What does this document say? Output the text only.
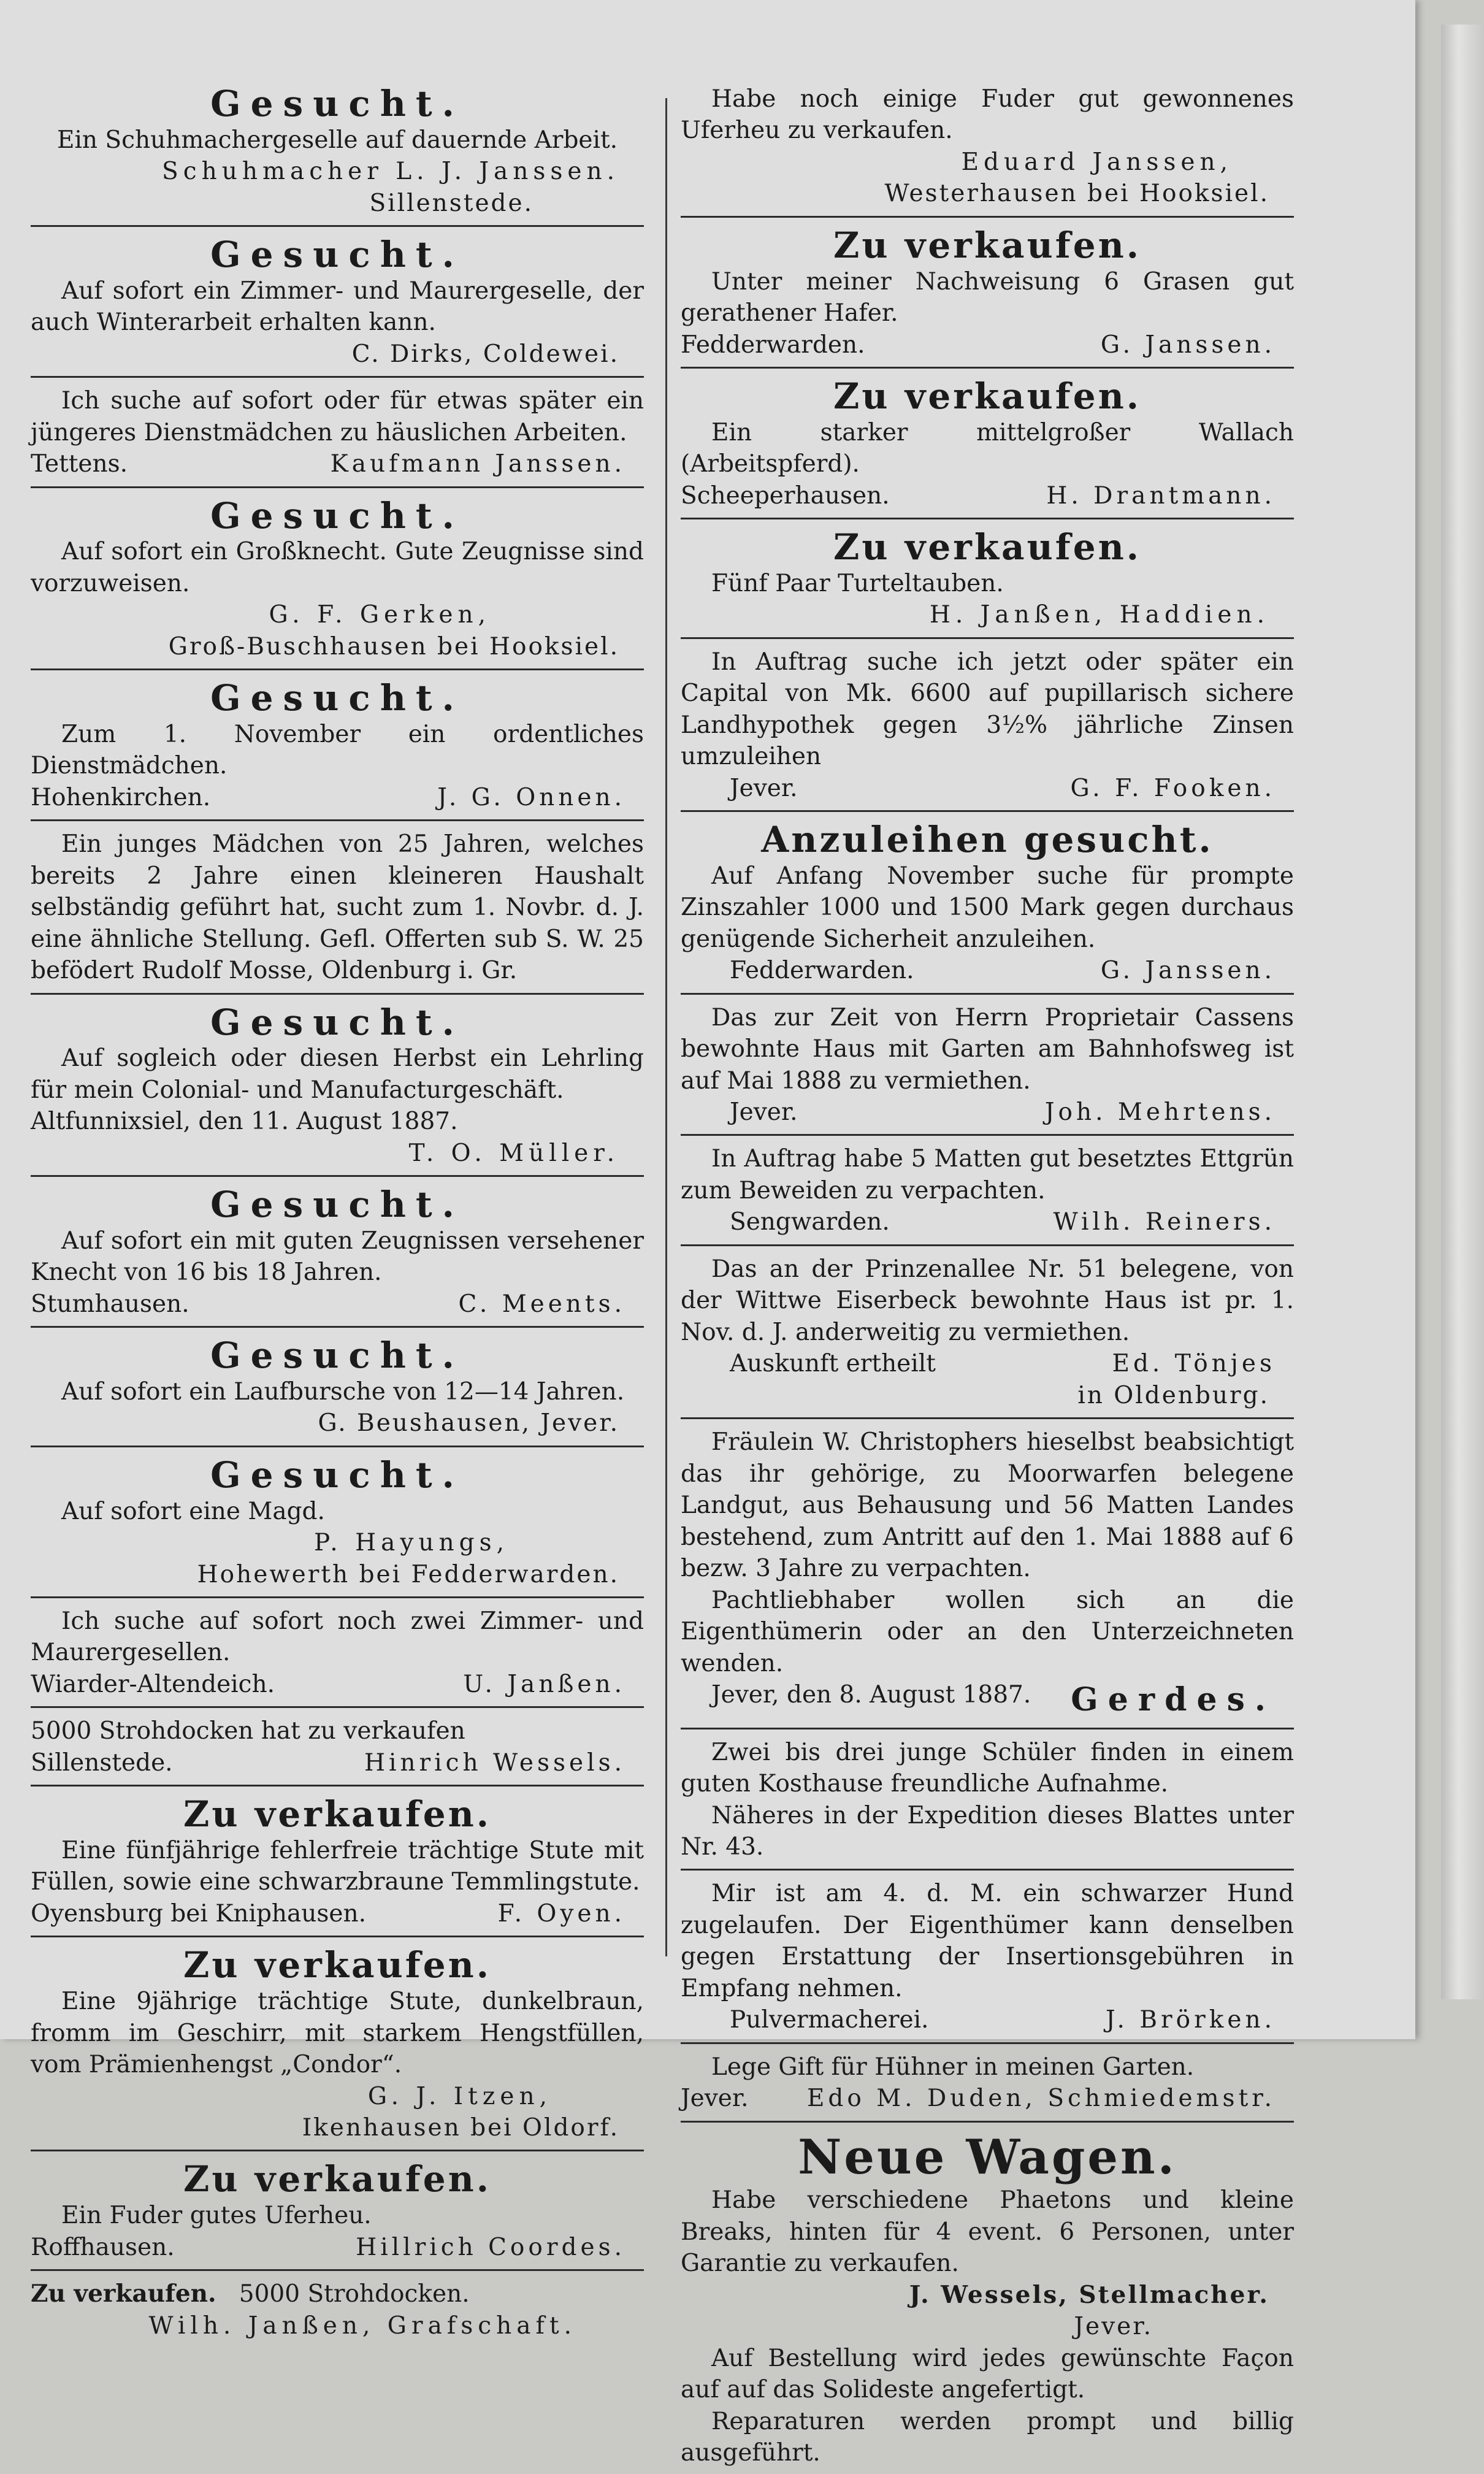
Gesucht.

Ein Schuhmachergeselle auf dauernde Arbeit.

Schuhmacher L. J. Janssen.

Sillenstede.

Gesucht.

Auf sofort ein Zimmer- und Maurergeselle, der auch Winterarbeit erhalten kann.

C. Dirks, Coldewei.

Ich suche auf sofort oder für etwas später ein jüngeres Dienstmädchen zu häuslichen Arbeiten.

Tettens.	Kaufmann Janssen.

Gesucht.

Auf sofort ein Großknecht. Gute Zeugnisse sind vorzuweisen.

G. F. Gerken,

Groß-Buschhausen bei Hooksiel.

Gesucht.

Zum 1. November ein ordentliches Dienstmädchen.

Hohenkirchen.	J. G. Onnen.

Ein junges Mädchen von 25 Jahren, welches bereits 2 Jahre einen kleineren Haushalt selbständig geführt hat, sucht zum 1. Novbr. d. J. eine ähnliche Stellung. Gefl. Offerten sub S. W. 25 befödert Rudolf Mosse, Oldenburg i. Gr.

Gesucht.

Auf sogleich oder diesen Herbst ein Lehrling für mein Colonial- und Manufacturgeschäft.

Altfunnixsiel, den 11. August 1887.

T. O. Müller.

Gesucht.

Auf sofort ein mit guten Zeugnissen versehener Knecht von 16 bis 18 Jahren.

Stumhausen.	C. Meents.

Gesucht.

Auf sofort ein Laufbursche von 12—14 Jahren.

G. Beushausen, Jever.

Gesucht.

Auf sofort eine Magd.

P. Hayungs,

Hohewerth bei Fedderwarden.

Ich suche auf sofort noch zwei Zimmer- und Maurergesellen.

Wiarder-Altendeich.	U. Janßen.

5000 Strohdocken hat zu verkaufen

Sillenstede.	Hinrich Wessels.

Zu verkaufen.

Eine fünfjährige fehlerfreie trächtige Stute mit Füllen, sowie eine schwarzbraune Temmlingstute.

Oyensburg bei Kniphausen.	F. Oyen.

Zu verkaufen.

Eine 9jährige trächtige Stute, dunkelbraun, fromm im Geschirr, mit starkem Hengstfüllen, vom Prämienhengst „Condor“.

G. J. Itzen,

Ikenhausen bei Oldorf.

Zu verkaufen.

Ein Fuder gutes Uferheu.

Roffhausen.	Hillrich Coordes.

Zu verkaufen. 5000 Strohdocken.

Wilh. Janßen, Grafschaft.

Habe noch einige Fuder gut gewonnenes Uferheu zu verkaufen.

Eduard Janssen,

Westerhausen bei Hooksiel.

Zu verkaufen.

Unter meiner Nachweisung 6 Grasen gut gerathener Hafer.

Fedderwarden.	G. Janssen.

Zu verkaufen.

Ein starker mittelgroßer Wallach (Arbeitspferd).

Scheeperhausen.	H. Drantmann.

Zu verkaufen.

Fünf Paar Turteltauben.

H. Janßen, Haddien.

In Auftrag suche ich jetzt oder später ein Capital von Mk. 6600 auf pupillarisch sichere Landhypothek gegen 3½% jährliche Zinsen umzuleihen

Jever.	G. F. Fooken.

Anzuleihen gesucht.

Auf Anfang November suche für prompte Zinszahler 1000 und 1500 Mark gegen durchaus genügende Sicherheit anzuleihen.

Fedderwarden.	G. Janssen.

Das zur Zeit von Herrn Proprietair Cassens bewohnte Haus mit Garten am Bahnhofsweg ist auf Mai 1888 zu vermiethen.

Jever.	Joh. Mehrtens.

In Auftrag habe 5 Matten gut besetztes Ettgrün zum Beweiden zu verpachten.

Sengwarden.	Wilh. Reiners.

Das an der Prinzenallee Nr. 51 belegene, von der Wittwe Eiserbeck bewohnte Haus ist pr. 1. Nov. d. J. anderweitig zu vermiethen.

Auskunft ertheilt	Ed. Tönjes

in Oldenburg.

Fräulein W. Christophers hieselbst beabsichtigt das ihr gehörige, zu Moorwarfen belegene Landgut, aus Behausung und 56 Matten Landes bestehend, zum Antritt auf den 1. Mai 1888 auf 6 bezw. 3 Jahre zu verpachten.

Pachtliebhaber wollen sich an die Eigenthümerin oder an den Unterzeichneten wenden.

Jever, den 8. August 1887. Gerdes.

Zwei bis drei junge Schüler finden in einem guten Kosthause freundliche Aufnahme.

Näheres in der Expedition dieses Blattes unter Nr. 43.

Mir ist am 4. d. M. ein schwarzer Hund zugelaufen. Der Eigenthümer kann denselben gegen Erstattung der Insertionsgebühren in Empfang nehmen.

Pulvermacherei.	J. Brörken.

Lege Gift für Hühner in meinen Garten.

Jever. Edo M. Duden, Schmiedemstr.

Neue Wagen.

Habe verschiedene Phaetons und kleine Breaks, hinten für 4 event. 6 Personen, unter Garantie zu verkaufen.

J. Wessels, Stellmacher.

Jever.

Auf Bestellung wird jedes gewünschte Façon auf auf das Solideste angefertigt.

Reparaturen werden prompt und billig ausgeführt.
